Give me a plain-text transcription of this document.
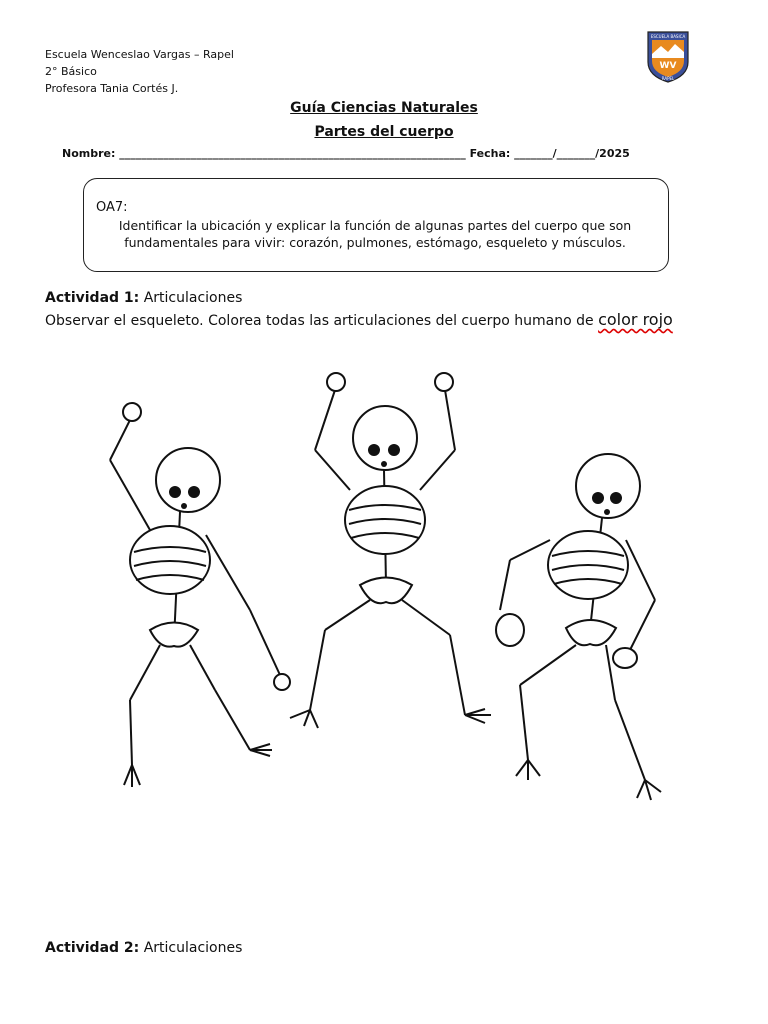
Escuela Wenceslao Vargas – Rapel
2° Básico
Profesora Tania Cortés J.
ESCUELA BASICA
WV
RAPEL
Guía Ciencias Naturales
Partes del cuerpo
Nombre: _______________________________________________________________ Fecha: _______/_______/2025
OA7:
Identificar la ubicación y explicar la función de algunas partes del cuerpo que son
fundamentales para vivir: corazón, pulmones, estómago, esqueleto y músculos.
Actividad 1: Articulaciones
Observar el esqueleto. Colorea todas las articulaciones del cuerpo humano de color rojo
Actividad 2: Articulaciones
